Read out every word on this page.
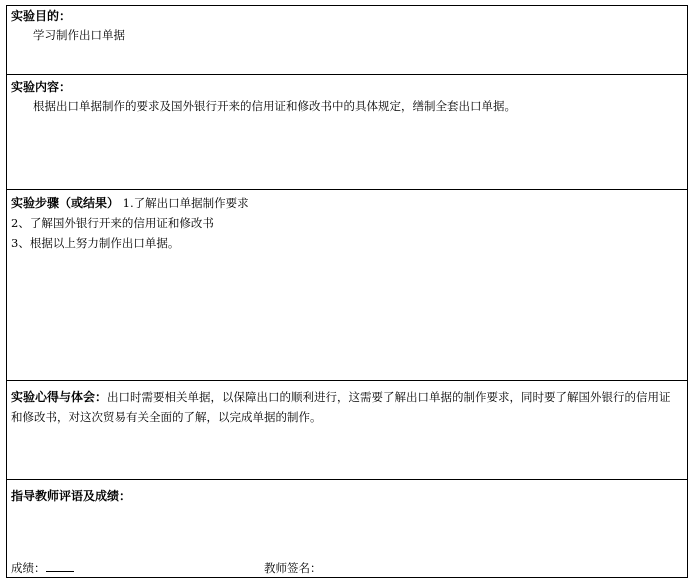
实验目的：
学习制作出口单据
实验内容：
根据出口单据制作的要求及国外银行开来的信用证和修改书中的具体规定，缮制全套出口单据。
实验步骤（或结果） 1.了解出口单据制作要求
2、了解国外银行开来的信用证和修改书
3、根据以上努力制作出口单据。
实验心得与体会：出口时需要相关单据，以保障出口的顺利进行，这需要了解出口单据的制作要求，同时要了解国外银行的信用证和修改书，对这次贸易有关全面的了解，以完成单据的制作。
指导教师评语及成绩：
成绩：	教师签名：
